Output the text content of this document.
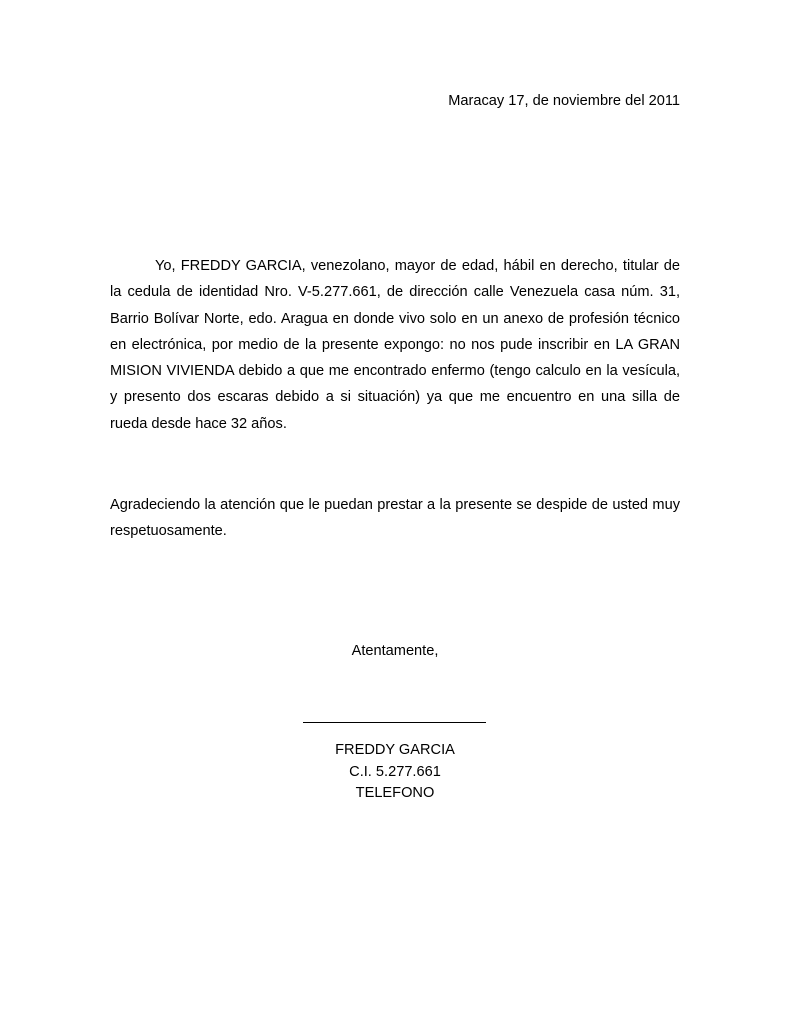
Maracay 17, de noviembre del 2011

Yo, FREDDY GARCIA, venezolano, mayor de edad, hábil en derecho, titular de la cedula de identidad Nro. V-5.277.661, de dirección calle Venezuela casa núm. 31, Barrio Bolívar Norte, edo. Aragua en donde vivo solo en un anexo de profesión técnico en electrónica, por medio de la presente expongo: no nos pude inscribir en LA GRAN MISION VIVIENDA debido a que me encontrado enfermo (tengo calculo en la vesícula, y presento dos escaras debido a si situación) ya que me encuentro en una silla de rueda desde hace 32 años.

Agradeciendo la atención que le puedan prestar a la presente se despide de usted muy respetuosamente.

Atentamente,
FREDDY GARCIA
C.I. 5.277.661
TELEFONO
